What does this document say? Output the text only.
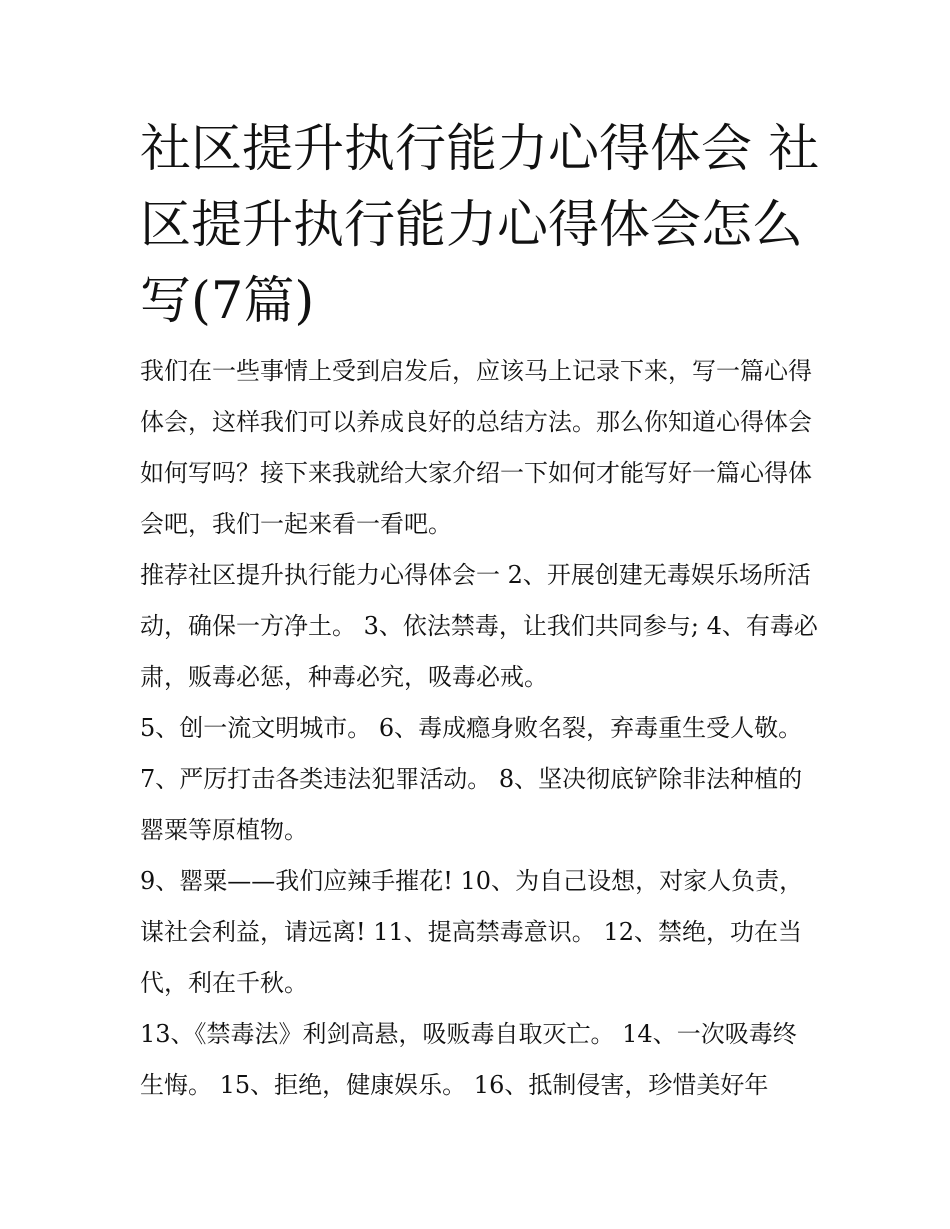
社区提升执行能力心得体会 社区提升执行能力心得体会怎么写(7篇)

我们在一些事情上受到启发后，应该马上记录下来，写一篇心得体会，这样我们可以养成良好的总结方法。那么你知道心得体会如何写吗？接下来我就给大家介绍一下如何才能写好一篇心得体会吧，我们一起来看一看吧。

推荐社区提升执行能力心得体会一 2、开展创建无毒娱乐场所活动，确保一方净土。 3、依法禁毒，让我们共同参与; 4、有毒必肃，贩毒必惩，种毒必究，吸毒必戒。

5、创一流文明城市。 6、毒成瘾身败名裂，弃毒重生受人敬。 7、严厉打击各类违法犯罪活动。 8、坚决彻底铲除非法种植的罂粟等原植物。

9、罂粟——我们应辣手摧花! 10、为自己设想，对家人负责，谋社会利益，请远离! 11、提高禁毒意识。 12、禁绝，功在当代，利在千秋。

13、《禁毒法》利剑高悬，吸贩毒自取灭亡。 14、一次吸毒终生悔。 15、拒绝，健康娱乐。 16、抵制侵害，珍惜美好年
